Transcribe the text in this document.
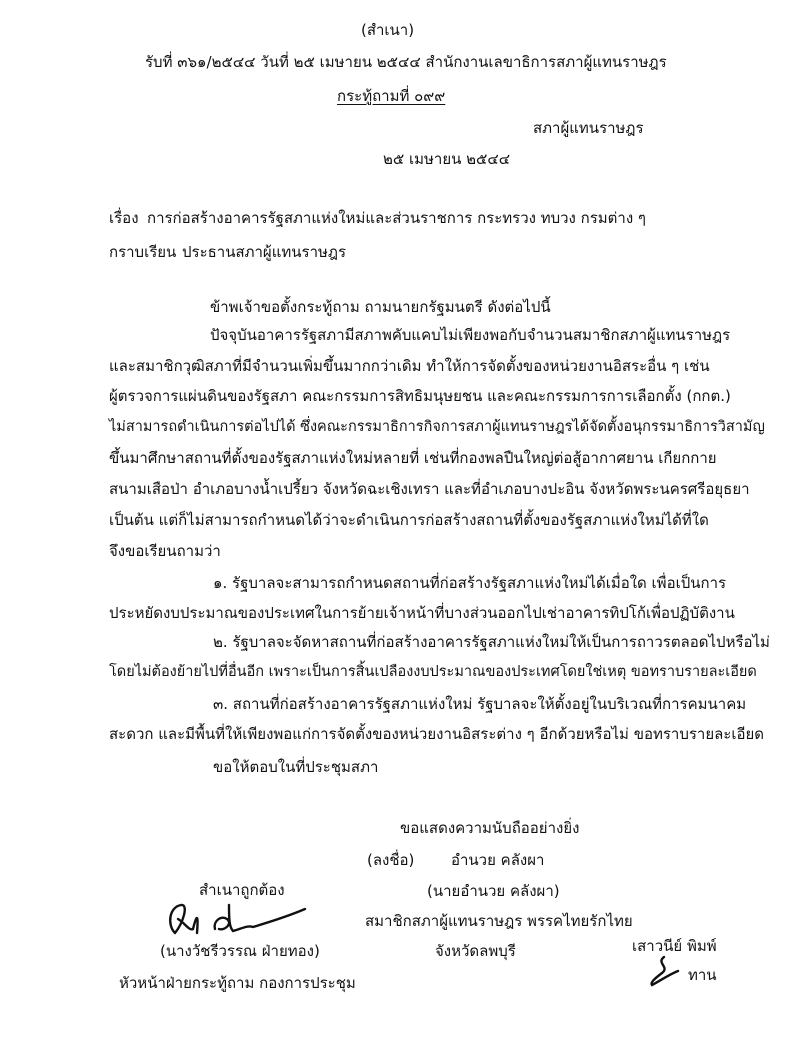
(สำเนา)
รับที่ ๓๖๑/๒๕๔๔ วันที่ ๒๕ เมษายน ๒๕๔๔ สำนักงานเลขาธิการสภาผู้แทนราษฎร
กระทู้ถามที่ ๐๙๙
สภาผู้แทนราษฎร
๒๕ เมษายน ๒๕๔๔
เรื่อง การก่อสร้างอาคารรัฐสภาแห่งใหม่และส่วนราชการ กระทรวง ทบวง กรมต่าง ๆ
กราบเรียน ประธานสภาผู้แทนราษฎร
ข้าพเจ้าขอตั้งกระทู้ถาม ถามนายกรัฐมนตรี ดังต่อไปนี้
ปัจจุบันอาคารรัฐสภามีสภาพคับแคบไม่เพียงพอกับจำนวนสมาชิกสภาผู้แทนราษฎร
และสมาชิกวุฒิสภาที่มีจำนวนเพิ่มขึ้นมากกว่าเดิม ทำให้การจัดตั้งของหน่วยงานอิสระอื่น ๆ เช่น
ผู้ตรวจการแผ่นดินของรัฐสภา คณะกรรมการสิทธิมนุษยชน และคณะกรรมการการเลือกตั้ง (กกต.)
ไม่สามารถดำเนินการต่อไปได้ ซึ่งคณะกรรมาธิการกิจการสภาผู้แทนราษฎรได้จัดตั้งอนุกรรมาธิการวิสามัญ
ขึ้นมาศึกษาสถานที่ตั้งของรัฐสภาแห่งใหม่หลายที่ เช่นที่กองพลปืนใหญ่ต่อสู้อากาศยาน เกียกกาย
สนามเสือป่า อำเภอบางน้ำเปรี้ยว จังหวัดฉะเชิงเทรา และที่อำเภอบางปะอิน จังหวัดพระนครศรีอยุธยา
เป็นต้น แต่ก็ไม่สามารถกำหนดได้ว่าจะดำเนินการก่อสร้างสถานที่ตั้งของรัฐสภาแห่งใหม่ได้ที่ใด
จึงขอเรียนถามว่า
๑. รัฐบาลจะสามารถกำหนดสถานที่ก่อสร้างรัฐสภาแห่งใหม่ได้เมื่อใด เพื่อเป็นการ
ประหยัดงบประมาณของประเทศในการย้ายเจ้าหน้าที่บางส่วนออกไปเช่าอาคารทิปโก้เพื่อปฏิบัติงาน
๒. รัฐบาลจะจัดหาสถานที่ก่อสร้างอาคารรัฐสภาแห่งใหม่ให้เป็นการถาวรตลอดไปหรือไม่
โดยไม่ต้องย้ายไปที่อื่นอีก เพราะเป็นการสิ้นเปลืองงบประมาณของประเทศโดยใช่เหตุ ขอทราบรายละเอียด
๓. สถานที่ก่อสร้างอาคารรัฐสภาแห่งใหม่ รัฐบาลจะให้ตั้งอยู่ในบริเวณที่การคมนาคม
สะดวก และมีพื้นที่ให้เพียงพอแก่การจัดตั้งของหน่วยงานอิสระต่าง ๆ อีกด้วยหรือไม่ ขอทราบรายละเอียด
ขอให้ตอบในที่ประชุมสภา
ขอแสดงความนับถืออย่างยิ่ง
(ลงชื่อ) อำนวย คลังผา
(นายอำนวย คลังผา)
สมาชิกสภาผู้แทนราษฎร พรรคไทยรักไทย
จังหวัดลพบุรี
สำเนาถูกต้อง
(นางวัชรีวรรณ ฝ่ายทอง)
หัวหน้าฝ่ายกระทู้ถาม กองการประชุม
เสาวนีย์ พิมพ์
ทาน
